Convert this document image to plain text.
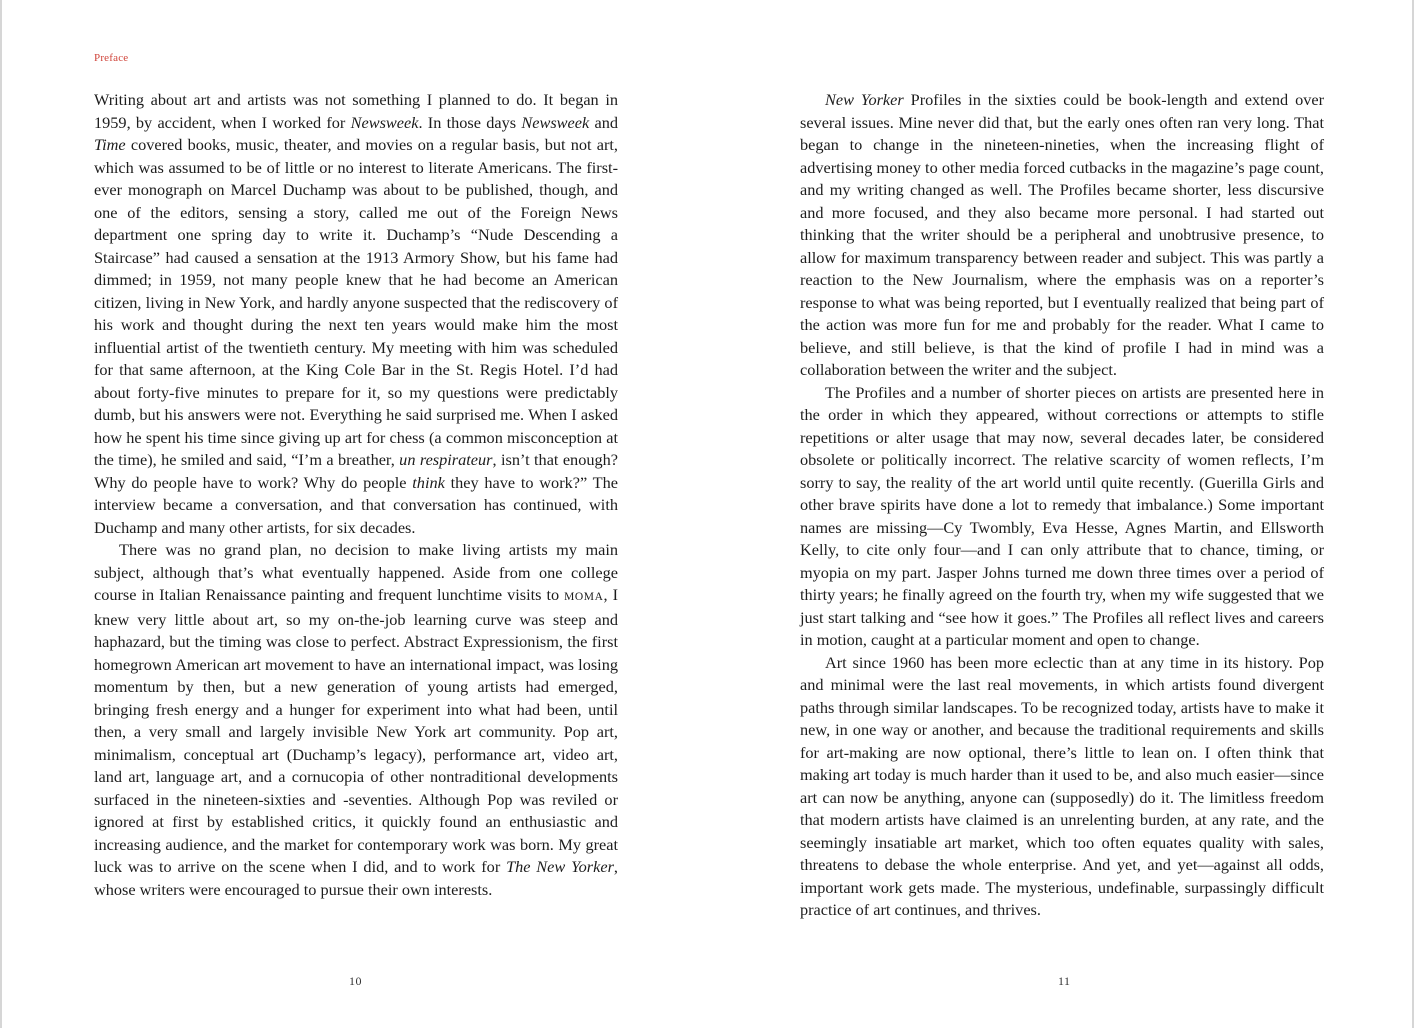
Preface

Writing about art and artists was not something I planned to do. It began in 1959, by accident, when I worked for Newsweek. In those days Newsweek and Time covered books, music, theater, and movies on a regular basis, but not art, which was assumed to be of little or no interest to literate Americans. The first-ever monograph on Marcel Duchamp was about to be published, though, and one of the editors, sensing a story, called me out of the Foreign News department one spring day to write it. Duchamp’s “Nude Descending a Staircase” had caused a sensation at the 1913 Armory Show, but his fame had dimmed; in 1959, not many people knew that he had become an American citizen, living in New York, and hardly anyone suspected that the rediscovery of his work and thought during the next ten years would make him the most influential artist of the twentieth century. My meeting with him was scheduled for that same afternoon, at the King Cole Bar in the St. Regis Hotel. I’d had about forty-five minutes to prepare for it, so my questions were predictably dumb, but his answers were not. Everything he said surprised me. When I asked how he spent his time since giving up art for chess (a common misconception at the time), he smiled and said, “I’m a breather, un respirateur, isn’t that enough? Why do people have to work? Why do people think they have to work?” The interview became a conversation, and that conversation has continued, with Duchamp and many other artists, for six decades.

There was no grand plan, no decision to make living artists my main subject, although that’s what eventually happened. Aside from one college course in Italian Renaissance painting and frequent lunchtime visits to MOMA, I knew very little about art, so my on-the-job learning curve was steep and haphazard, but the timing was close to perfect. Abstract Expressionism, the first homegrown American art movement to have an international impact, was losing momentum by then, but a new generation of young artists had emerged, bringing fresh energy and a hunger for experiment into what had been, until then, a very small and largely invisible New York art community. Pop art, minimalism, conceptual art (Duchamp’s legacy), performance art, video art, land art, language art, and a cornucopia of other nontraditional developments surfaced in the nineteen-sixties and -seventies. Although Pop was reviled or ignored at first by established critics, it quickly found an enthusiastic and increasing audience, and the market for contemporary work was born. My great luck was to arrive on the scene when I did, and to work for The New Yorker, whose writers were encouraged to pursue their own interests.

10

New Yorker Profiles in the sixties could be book-length and extend over several issues. Mine never did that, but the early ones often ran very long. That began to change in the nineteen-nineties, when the increasing flight of advertising money to other media forced cutbacks in the magazine’s page count, and my writing changed as well. The Profiles became shorter, less discursive and more focused, and they also became more personal. I had started out thinking that the writer should be a peripheral and unobtrusive presence, to allow for maximum transparency between reader and subject. This was partly a reaction to the New Journalism, where the emphasis was on a reporter’s response to what was being reported, but I eventually realized that being part of the action was more fun for me and probably for the reader. What I came to believe, and still believe, is that the kind of profile I had in mind was a collaboration between the writer and the subject.

The Profiles and a number of shorter pieces on artists are presented here in the order in which they appeared, without corrections or attempts to stifle repetitions or alter usage that may now, several decades later, be considered obsolete or politically incorrect. The relative scarcity of women reflects, I’m sorry to say, the reality of the art world until quite recently. (Guerilla Girls and other brave spirits have done a lot to remedy that imbalance.) Some important names are missing—Cy Twombly, Eva Hesse, Agnes Martin, and Ellsworth Kelly, to cite only four—and I can only attribute that to chance, timing, or myopia on my part. Jasper Johns turned me down three times over a period of thirty years; he finally agreed on the fourth try, when my wife suggested that we just start talking and “see how it goes.” The Profiles all reflect lives and careers in motion, caught at a particular moment and open to change.

Art since 1960 has been more eclectic than at any time in its history. Pop and minimal were the last real movements, in which artists found divergent paths through similar landscapes. To be recognized today, artists have to make it new, in one way or another, and because the traditional requirements and skills for art-making are now optional, there’s little to lean on. I often think that making art today is much harder than it used to be, and also much easier—since art can now be anything, anyone can (supposedly) do it. The limitless freedom that modern artists have claimed is an unrelenting burden, at any rate, and the seemingly insatiable art market, which too often equates quality with sales, threatens to debase the whole enterprise. And yet, and yet—against all odds, important work gets made. The mysterious, undefinable, surpassingly difficult practice of art continues, and thrives.

11
